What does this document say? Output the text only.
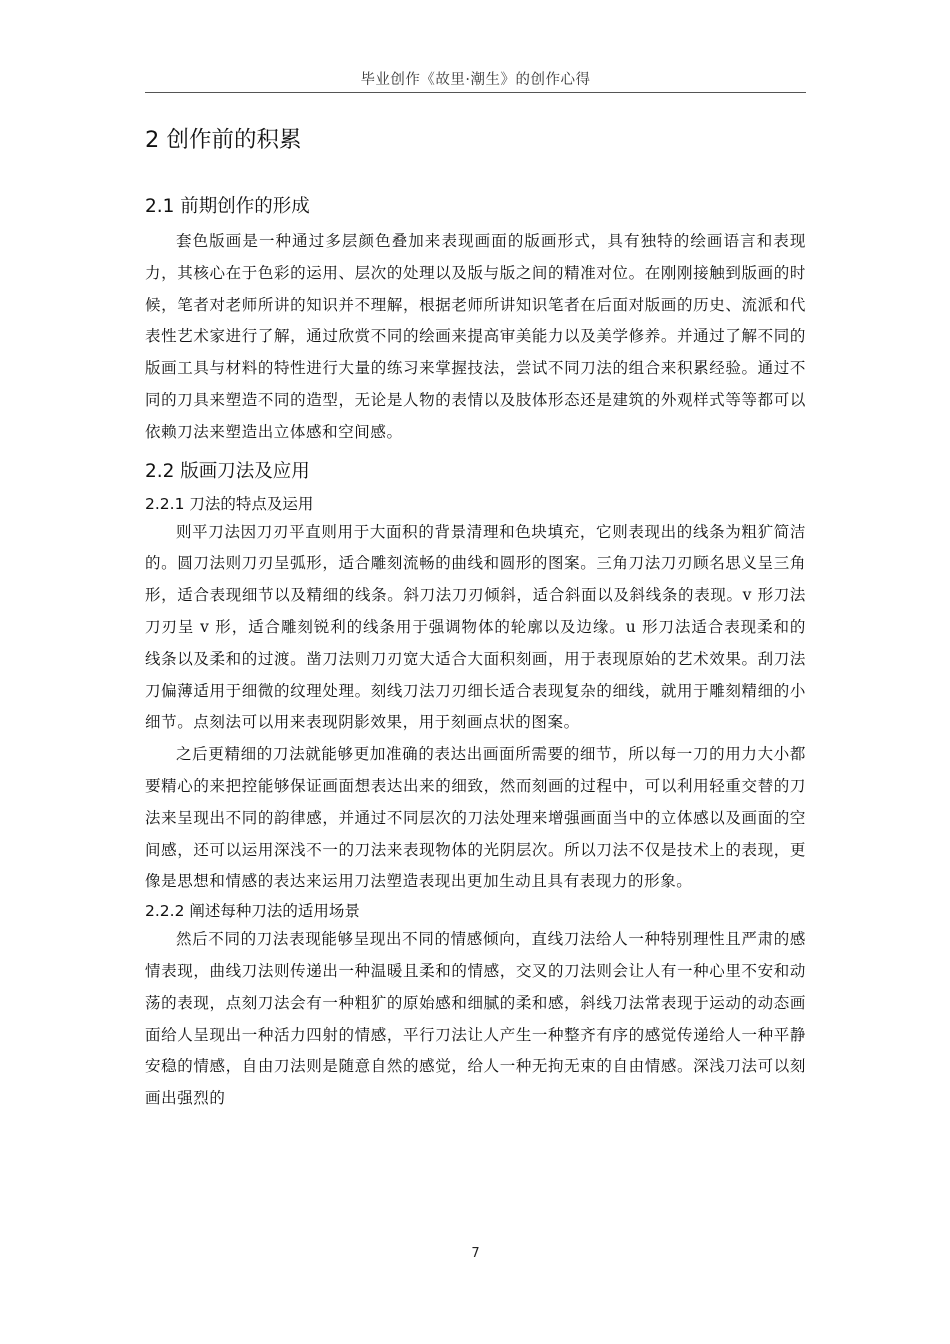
毕业创作《故里·潮生》的创作心得
2 创作前的积累
2.1 前期创作的形成

套色版画是一种通过多层颜色叠加来表现画面的版画形式，具有独特的绘画语言和表现力，其核心在于色彩的运用、层次的处理以及版与版之间的精准对位。在刚刚接触到版画的时候，笔者对老师所讲的知识并不理解，根据老师所讲知识笔者在后面对版画的历史、流派和代表性艺术家进行了解，通过欣赏不同的绘画来提高审美能力以及美学修养。并通过了解不同的版画工具与材料的特性进行大量的练习来掌握技法，尝试不同刀法的组合来积累经验。通过不同的刀具来塑造不同的造型，无论是人物的表情以及肢体形态还是建筑的外观样式等等都可以依赖刀法来塑造出立体感和空间感。

2.2 版画刀法及应用
2.2.1 刀法的特点及运用

则平刀法因刀刃平直则用于大面积的背景清理和色块填充，它则表现出的线条为粗犷简洁的。圆刀法则刀刃呈弧形，适合雕刻流畅的曲线和圆形的图案。三角刀法刀刃顾名思义呈三角形，适合表现细节以及精细的线条。斜刀法刀刃倾斜，适合斜面以及斜线条的表现。v 形刀法刀刃呈 v 形，适合雕刻锐利的线条用于强调物体的轮廓以及边缘。u 形刀法适合表现柔和的线条以及柔和的过渡。凿刀法则刀刃宽大适合大面积刻画，用于表现原始的艺术效果。刮刀法刀偏薄适用于细微的纹理处理。刻线刀法刀刃细长适合表现复杂的细线，就用于雕刻精细的小细节。点刻法可以用来表现阴影效果，用于刻画点状的图案。

之后更精细的刀法就能够更加准确的表达出画面所需要的细节，所以每一刀的用力大小都要精心的来把控能够保证画面想表达出来的细致，然而刻画的过程中，可以利用轻重交替的刀法来呈现出不同的韵律感，并通过不同层次的刀法处理来增强画面当中的立体感以及画面的空间感，还可以运用深浅不一的刀法来表现物体的光阴层次。所以刀法不仅是技术上的表现，更像是思想和情感的表达来运用刀法塑造表现出更加生动且具有表现力的形象。

2.2.2 阐述每种刀法的适用场景

然后不同的刀法表现能够呈现出不同的情感倾向，直线刀法给人一种特别理性且严肃的感情表现，曲线刀法则传递出一种温暖且柔和的情感，交叉的刀法则会让人有一种心里不安和动荡的表现，点刻刀法会有一种粗犷的原始感和细腻的柔和感，斜线刀法常表现于运动的动态画面给人呈现出一种活力四射的情感，平行刀法让人产生一种整齐有序的感觉传递给人一种平静安稳的情感，自由刀法则是随意自然的感觉，给人一种无拘无束的自由情感。深浅刀法可以刻画出强烈的

7
